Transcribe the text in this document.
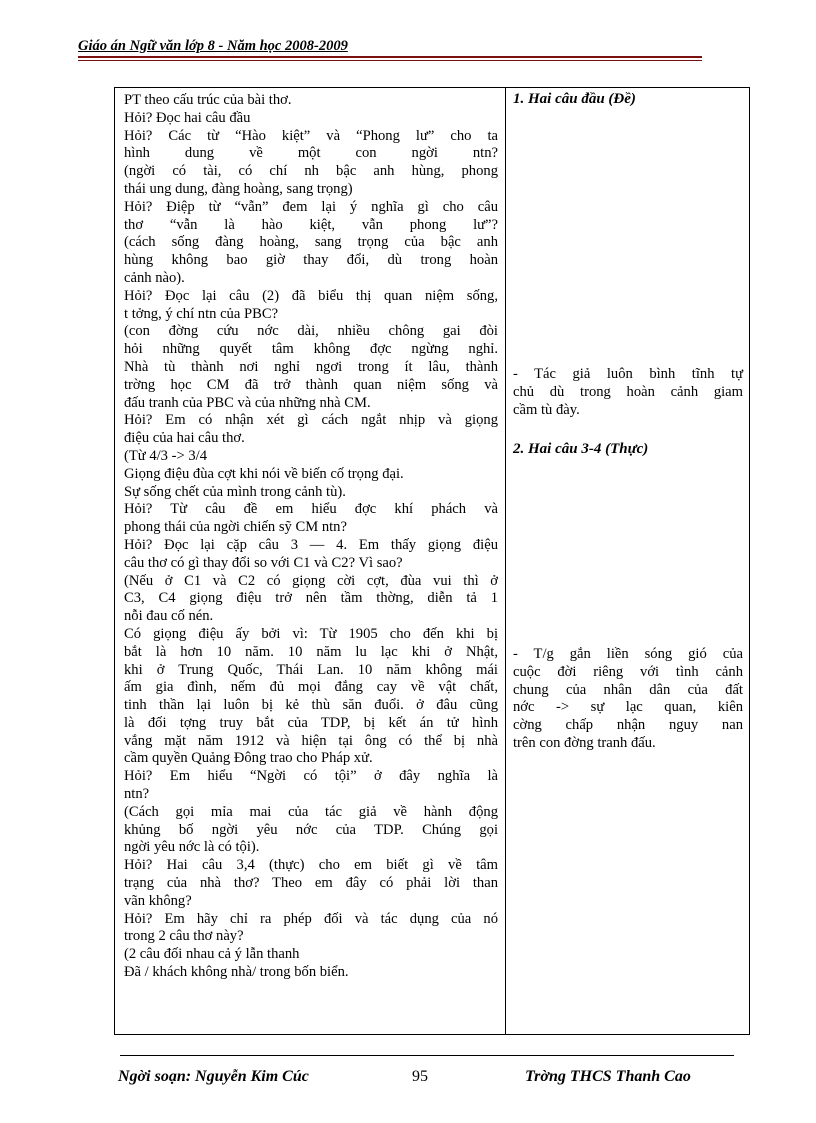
Giáo án Ngữ văn lớp 8 - Năm học 2008-2009
PT theo cấu trúc của bài thơ.
Hỏi? Đọc hai câu đầu
Hỏi? Các từ “Hào kiệt” và “Phong lư” cho ta
hình dung về một con ngời ntn?
(ngời có tài, có chí nh bậc anh hùng, phong
thái ung dung, đàng hoàng, sang trọng)
Hỏi? Điệp từ “vẫn” đem lại ý nghĩa gì cho câu
thơ “vẫn là hào kiệt, vẫn phong lư”?
(cách sống đàng hoàng, sang trọng của bậc anh
hùng không bao giờ thay đổi, dù trong hoàn
cảnh nào).
Hỏi? Đọc lại câu (2) đã biểu thị quan niệm sống,
t tởng, ý chí ntn của PBC?
(con đờng cứu nớc dài, nhiều chông gai đòi
hỏi những quyết tâm không đợc ngừng nghỉ.
Nhà tù thành nơi nghỉ ngơi trong ít lâu, thành
trờng học CM đã trở thành quan niệm sống và
đấu tranh của PBC và của những nhà CM.
Hỏi? Em có nhận xét gì cách ngắt nhịp và giọng
điệu của hai câu thơ.
(Từ 4/3 -> 3/4
Giọng điệu đùa cợt khi nói về biến cố trọng đại.
Sự sống chết của mình trong cảnh tù).
Hỏi? Từ câu đề em hiểu đợc khí phách và
phong thái của ngời chiến sỹ CM ntn?
Hỏi? Đọc lại cặp câu 3 — 4. Em thấy giọng điệu
câu thơ có gì thay đổi so với C1 và C2? Vì sao?
(Nếu ở C1 và C2 có giọng cời cợt, đùa vui thì ở
C3, C4 giọng điệu trở nên tầm thờng, diễn tả 1
nỗi đau cố nén.
Có giọng điệu ấy bởi vì: Từ 1905 cho đến khi bị
bắt là hơn 10 năm. 10 năm lu lạc khi ở Nhật,
khi ở Trung Quốc, Thái Lan. 10 năm không mái
ấm gia đình, nếm đủ mọi đắng cay về vật chất,
tinh thần lại luôn bị kẻ thù săn đuổi. ở đâu cũng
là đối tợng truy bắt của TDP, bị kết án tử hình
vắng mặt năm 1912 và hiện tại ông có thể bị nhà
cầm quyền Quảng Đông trao cho Pháp xử.
Hỏi? Em hiểu “Ngời có tội” ở đây nghĩa là
ntn?
(Cách gọi mỉa mai của tác giả về hành động
khủng bố ngời yêu nớc của TDP. Chúng gọi
ngời yêu nớc là có tội).
Hỏi? Hai câu 3,4 (thực) cho em biết gì về tâm
trạng của nhà thơ? Theo em đây có phải lời than
vãn không?
Hỏi? Em hãy chỉ ra phép đối và tác dụng của nó
trong 2 câu thơ này?
(2 câu đối nhau cả ý lẫn thanh
Đã / khách không nhà/ trong bốn biển.
1. Hai câu đầu (Đề)
- Tác giả luôn bình tĩnh tự
chủ dù trong hoàn cảnh giam
cầm tù đày.
2. Hai câu 3-4 (Thực)
- T/g gắn liền sóng gió của
cuộc đời riêng với tình cảnh
chung của nhân dân của đất
nớc -> sự lạc quan, kiên
cờng chấp nhận nguy nan
trên con đờng tranh đấu.
Ngời soạn: Nguyễn Kim Cúc	95	Trờng THCS Thanh Cao
